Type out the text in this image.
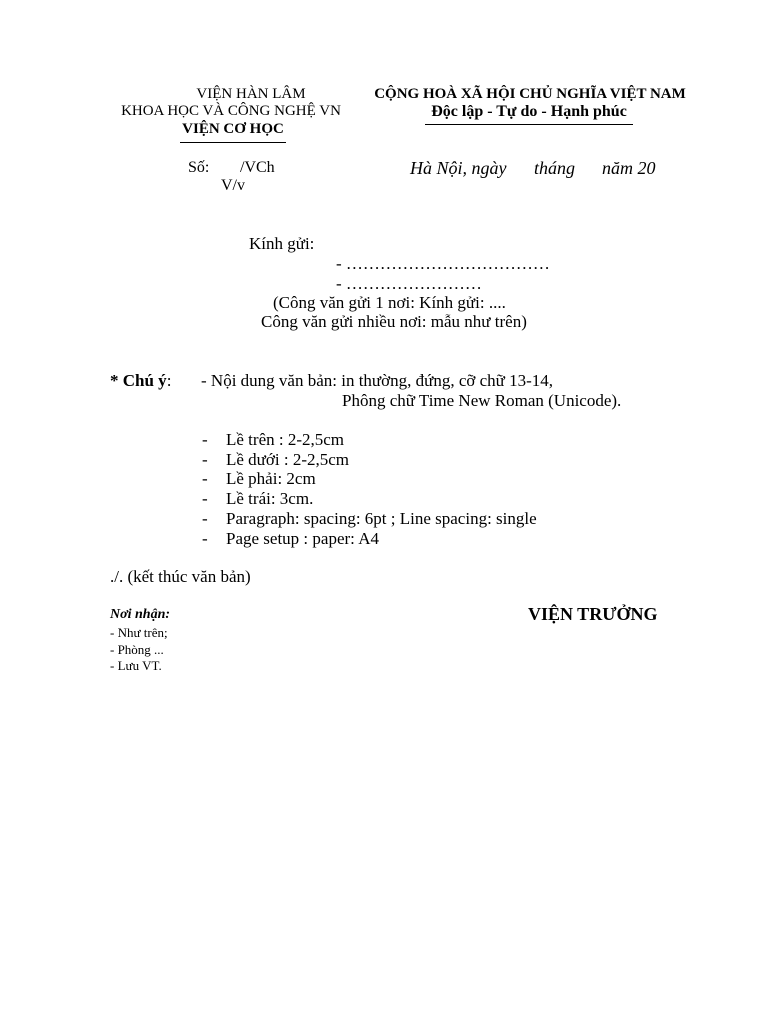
VIỆN HÀN LÂM
KHOA HỌC VÀ CÔNG NGHỆ VN
VIỆN CƠ HỌC
CỘNG HOÀ XÃ HỘI CHỦ NGHĨA VIỆT NAM
Độc lập - Tự do - Hạnh phúc
Số: /VCh
V/v
Hà Nội, ngày tháng năm 20
Kính gửi:
- ………………………………
- ……………………
(Công văn gửi 1 nơi: Kính gửi: ....
Công văn gửi nhiều nơi: mẫu như trên)
* Chú ý: - Nội dung văn bản: in thường, đứng, cỡ chữ 13-14,
Phông chữ Time New Roman (Unicode).
-	Lề trên : 2-2,5cm
-	Lề dưới : 2-2,5cm
-	Lề phải: 2cm
-	Lề trái: 3cm.
-	Paragraph: spacing: 6pt ; Line spacing: single
-	Page setup : paper: A4
./. (kết thúc văn bản)
Nơi nhận:
- Như trên;
- Phòng ...
- Lưu VT.
VIỆN TRƯỞNG
